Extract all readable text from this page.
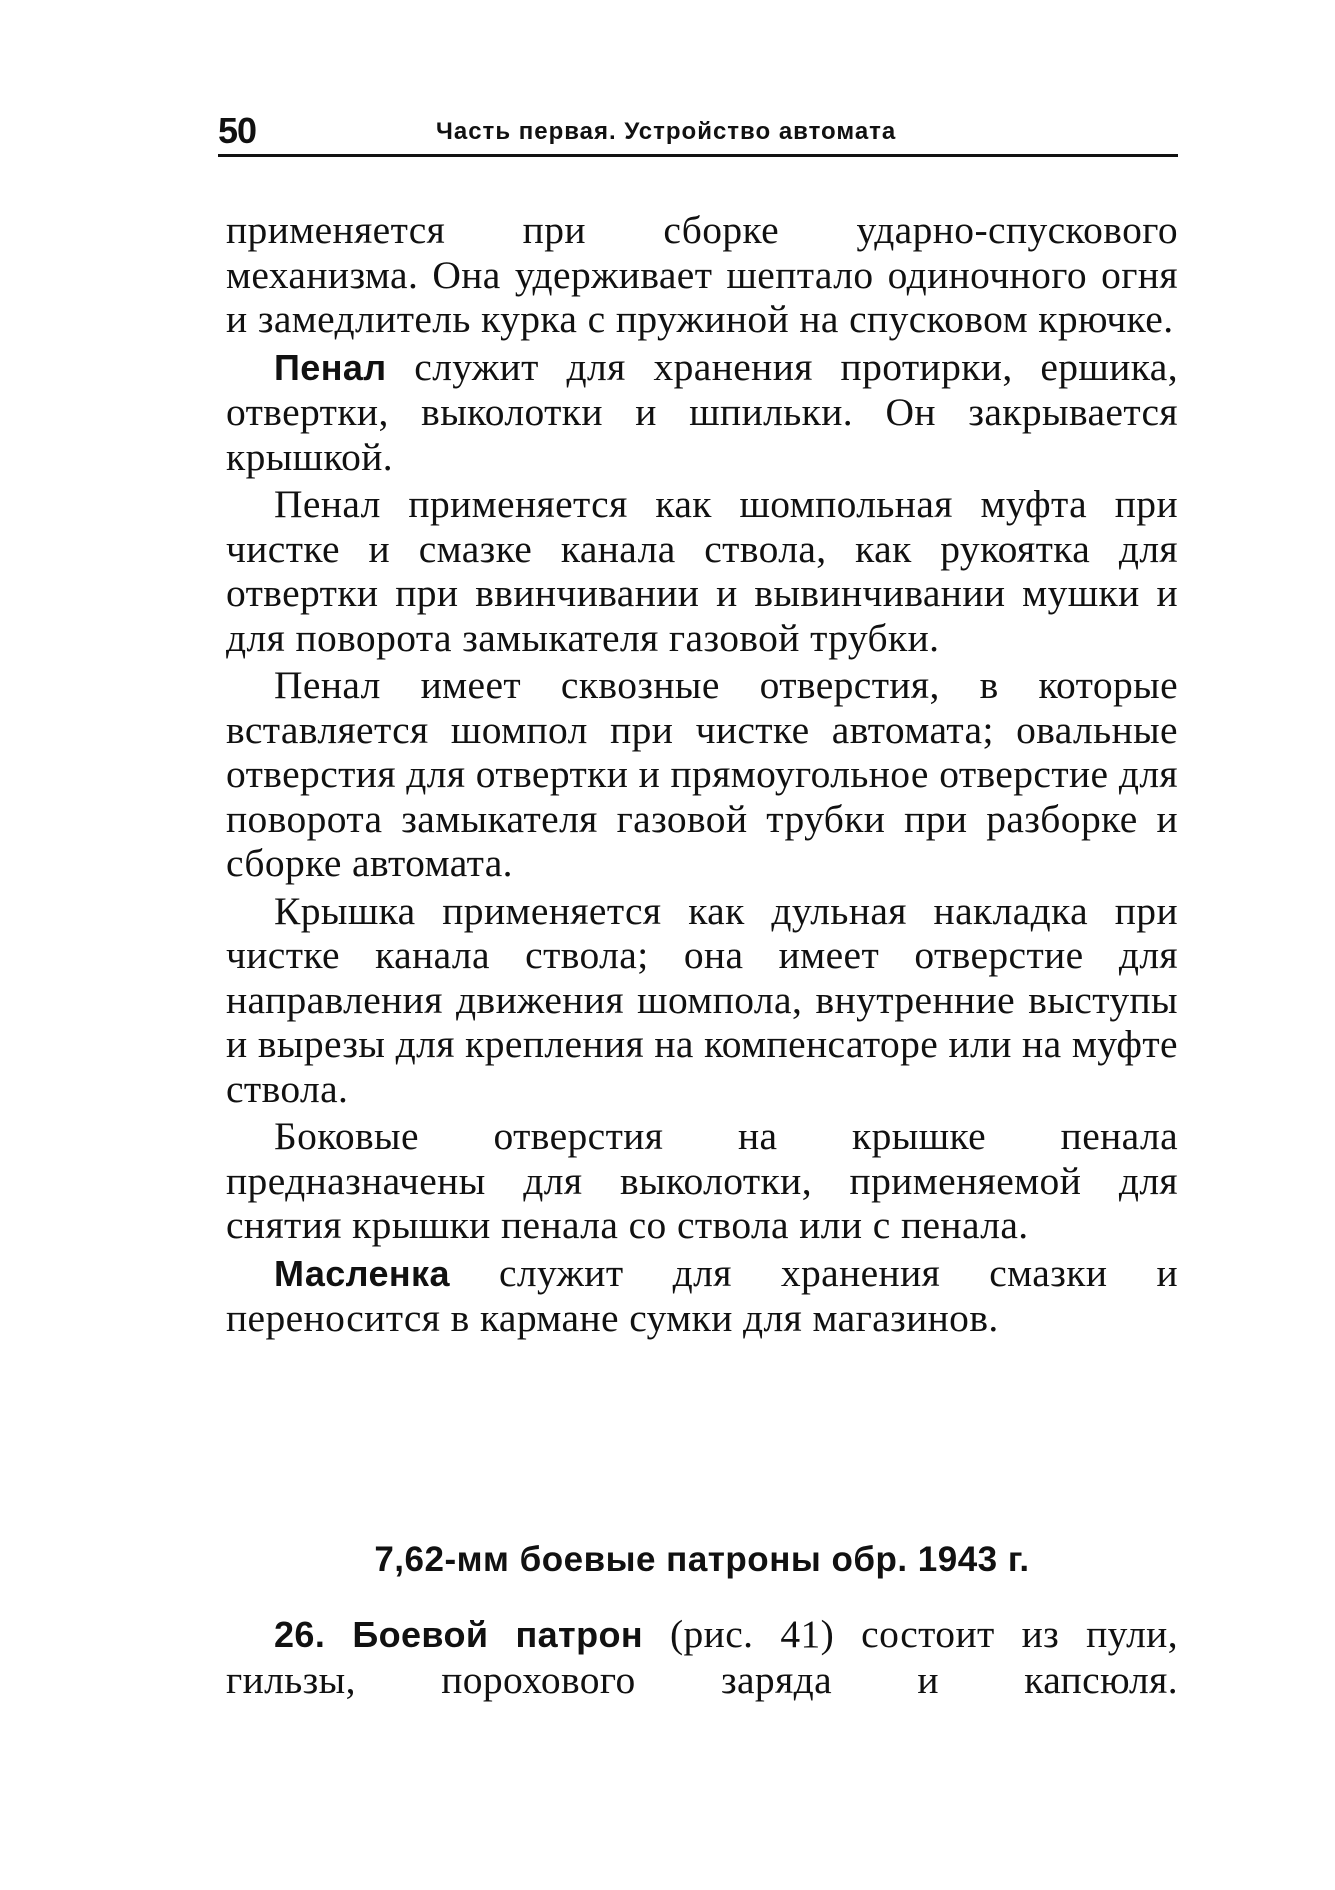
50	Часть первая. Устройство автомата

применяется при сборке ударно-спускового механизма. Она удерживает шептало одиночного огня и замедлитель курка с пружиной на спусковом крючке.

Пенал служит для хранения протирки, ершика, отвертки, выколотки и шпильки. Он закрывается крышкой.

Пенал применяется как шомпольная муфта при чистке и смазке канала ствола, как рукоятка для отвертки при ввинчивании и вывинчивании мушки и для поворота замыкателя газовой трубки.

Пенал имеет сквозные отверстия, в которые вставляется шомпол при чистке автомата; овальные отверстия для отвертки и прямоугольное отверстие для поворота замыкателя газовой трубки при разборке и сборке автомата.

Крышка применяется как дульная накладка при чистке канала ствола; она имеет отверстие для направления движения шомпола, внутренние выступы и вырезы для крепления на компенсаторе или на муфте ствола.

Боковые отверстия на крышке пенала предназначены для выколотки, применяемой для снятия крышки пенала со ствола или с пенала.

Масленка служит для хранения смазки и переносится в кармане сумки для магазинов.

7,62-мм боевые патроны обр. 1943 г.

26. Боевой патрон (рис. 41) состоит из пули, гильзы, порохового заряда и капсюля.
